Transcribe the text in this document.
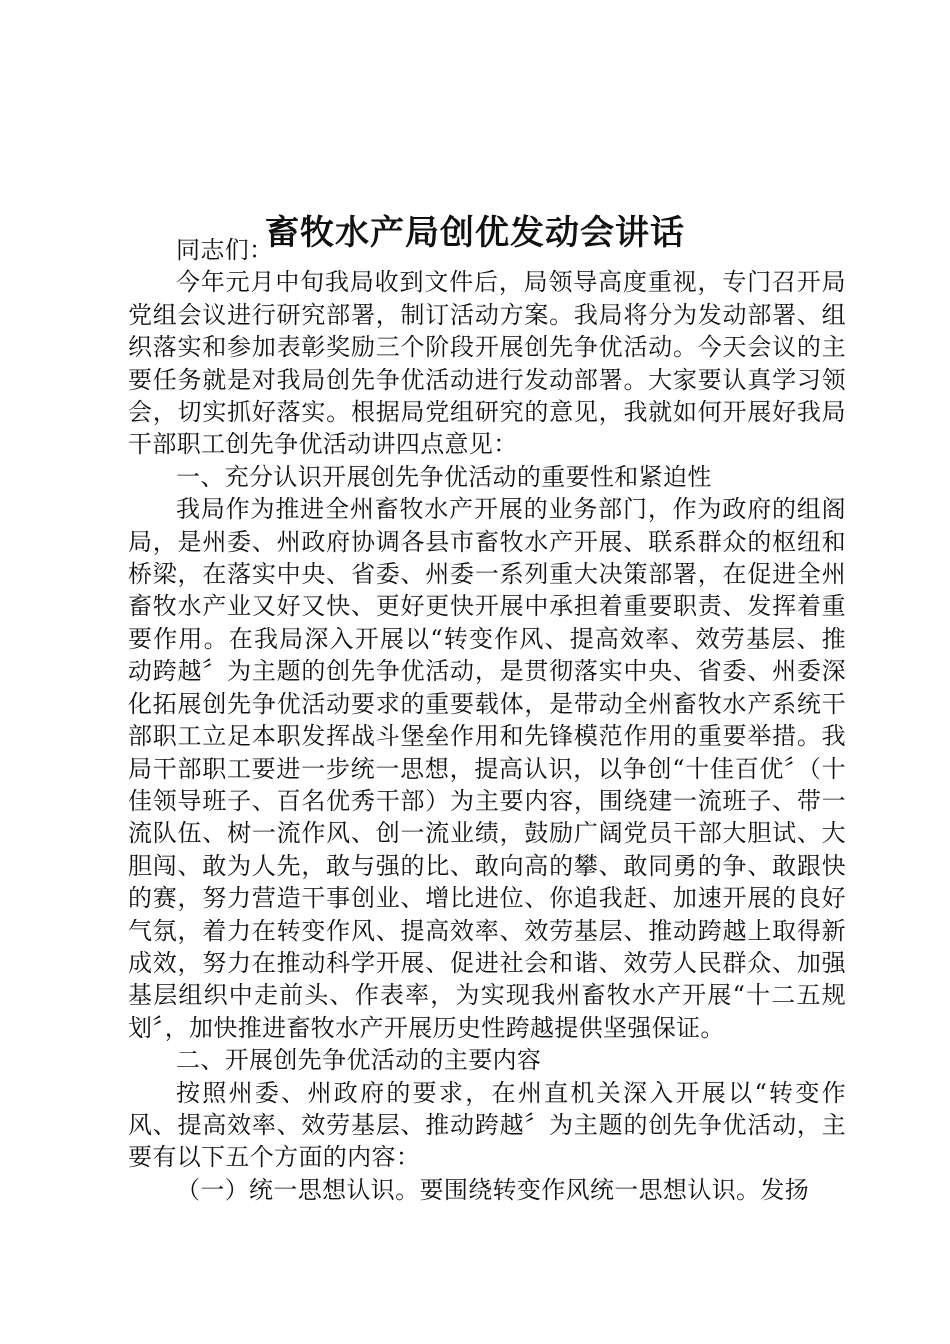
畜牧水产局创优发动会讲话

同志们：

今年元月中旬我局收到文件后，局领导高度重视，专门召开局党组会议进行研究部署，制订活动方案。我局将分为发动部署、组织落实和参加表彰奖励三个阶段开展创先争优活动。今天会议的主要任务就是对我局创先争优活动进行发动部署。大家要认真学习领会，切实抓好落实。根据局党组研究的意见，我就如何开展好我局干部职工创先争优活动讲四点意见：

一、充分认识开展创先争优活动的重要性和紧迫性

我局作为推进全州畜牧水产开展的业务部门，作为政府的组阁局，是州委、州政府协调各县市畜牧水产开展、联系群众的枢纽和桥梁，在落实中央、省委、州委一系列重大决策部署，在促进全州畜牧水产业又好又快、更好更快开展中承担着重要职责、发挥着重要作用。在我局深入开展以“转变作风、提高效率、效劳基层、推动跨越〞为主题的创先争优活动，是贯彻落实中央、省委、州委深化拓展创先争优活动要求的重要载体，是带动全州畜牧水产系统干部职工立足本职发挥战斗堡垒作用和先锋模范作用的重要举措。我局干部职工要进一步统一思想，提高认识，以争创“十佳百优〞（十佳领导班子、百名优秀干部）为主要内容，围绕建一流班子、带一流队伍、树一流作风、创一流业绩，鼓励广阔党员干部大胆试、大胆闯、敢为人先，敢与强的比、敢向高的攀、敢同勇的争、敢跟快的赛，努力营造干事创业、增比进位、你追我赶、加速开展的良好气氛，着力在转变作风、提高效率、效劳基层、推动跨越上取得新成效，努力在推动科学开展、促进社会和谐、效劳人民群众、加强基层组织中走前头、作表率，为实现我州畜牧水产开展“十二五规划〞，加快推进畜牧水产开展历史性跨越提供坚强保证。

二、开展创先争优活动的主要内容

按照州委、州政府的要求，在州直机关深入开展以“转变作风、提高效率、效劳基层、推动跨越〞为主题的创先争优活动，主要有以下五个方面的内容：

（一）统一思想认识。要围绕转变作风统一思想认识。发扬
